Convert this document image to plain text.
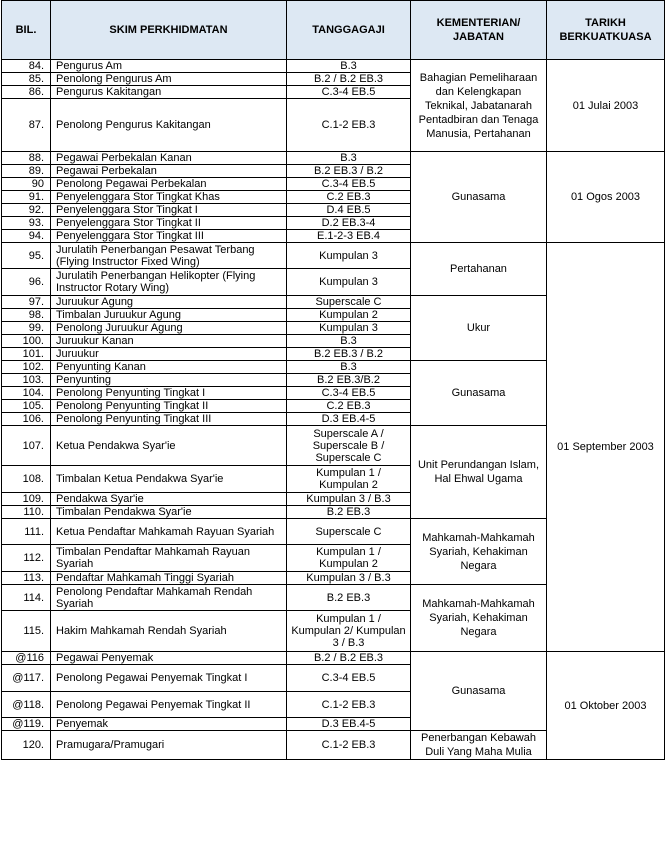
BIL.	SKIM PERKHIDMATAN	TANGGAGAJI	KEMENTERIAN/ JABATAN	TARIKH BERKUATKUASA
84.	Pengurus Am	B.3	Bahagian Pemeliharaan dan Kelengkapan Teknikal, Jabatanarah Pentadbiran dan Tenaga Manusia, Pertahanan	01 Julai 2003
85.	Penolong Pengurus Am	B.2 / B.2 EB.3		
86.	Pengurus Kakitangan	C.3-4 EB.5		
87.	Penolong Pengurus Kakitangan	C.1-2 EB.3		
88.	Pegawai Perbekalan Kanan	B.3	Gunasama	01 Ogos 2003
89.	Pegawai Perbekalan	B.2 EB.3 / B.2		
90	Penolong Pegawai Perbekalan	C.3-4 EB.5		
91.	Penyelenggara Stor Tingkat Khas	C.2 EB.3		
92.	Penyelenggara Stor Tingkat I	D.4 EB.5		
93.	Penyelenggara Stor Tingkat II	D.2 EB.3-4		
94.	Penyelenggara Stor Tingkat III	E.1-2-3 EB.4		
95.	Jurulatih Penerbangan Pesawat Terbang (Flying Instructor Fixed Wing)	Kumpulan 3	Pertahanan	01 September 2003
96.	Jurulatih Penerbangan Helikopter (Flying Instructor Rotary Wing)	Kumpulan 3		
97.	Juruukur Agung	Superscale C	Ukur	
98.	Timbalan Juruukur Agung	Kumpulan 2		
99.	Penolong Juruukur Agung	Kumpulan 3		
100.	Juruukur Kanan	B.3		
101.	Juruukur	B.2 EB.3 / B.2		
102.	Penyunting Kanan	B.3	Gunasama	
103.	Penyunting	B.2 EB.3/B.2		
104.	Penolong Penyunting Tingkat I	C.3-4 EB.5		
105.	Penolong Penyunting Tingkat II	C.2 EB.3		
106.	Penolong Penyunting Tingkat III	D.3 EB.4-5		
107.	Ketua Pendakwa Syar'ie	Superscale A / Superscale B / Superscale C	Unit Perundangan Islam, Hal Ehwal Ugama	
108.	Timbalan Ketua Pendakwa Syar'ie	Kumpulan 1 / Kumpulan 2		
109.	Pendakwa Syar'ie	Kumpulan 3 / B.3		
110.	Timbalan Pendakwa Syar'ie	B.2 EB.3		
111.	Ketua Pendaftar Mahkamah Rayuan Syariah	Superscale C	Mahkamah-Mahkamah Syariah, Kehakiman Negara	
112.	Timbalan Pendaftar Mahkamah Rayuan Syariah	Kumpulan 1 / Kumpulan 2		
113.	Pendaftar Mahkamah Tinggi Syariah	Kumpulan 3 / B.3		
114.	Penolong Pendaftar Mahkamah Rendah Syariah	B.2 EB.3	Mahkamah-Mahkamah Syariah, Kehakiman Negara	
115.	Hakim Mahkamah Rendah Syariah	Kumpulan 1 / Kumpulan 2/ Kumpulan 3 / B.3		
@116	Pegawai Penyemak	B.2 / B.2 EB.3	Gunasama	01 Oktober 2003
@117.	Penolong Pegawai Penyemak Tingkat I	C.3-4 EB.5		
@118.	Penolong Pegawai Penyemak Tingkat II	C.1-2 EB.3		
@119.	Penyemak	D.3 EB.4-5		
120.	Pramugara/Pramugari	C.1-2 EB.3	Penerbangan Kebawah Duli Yang Maha Mulia	
